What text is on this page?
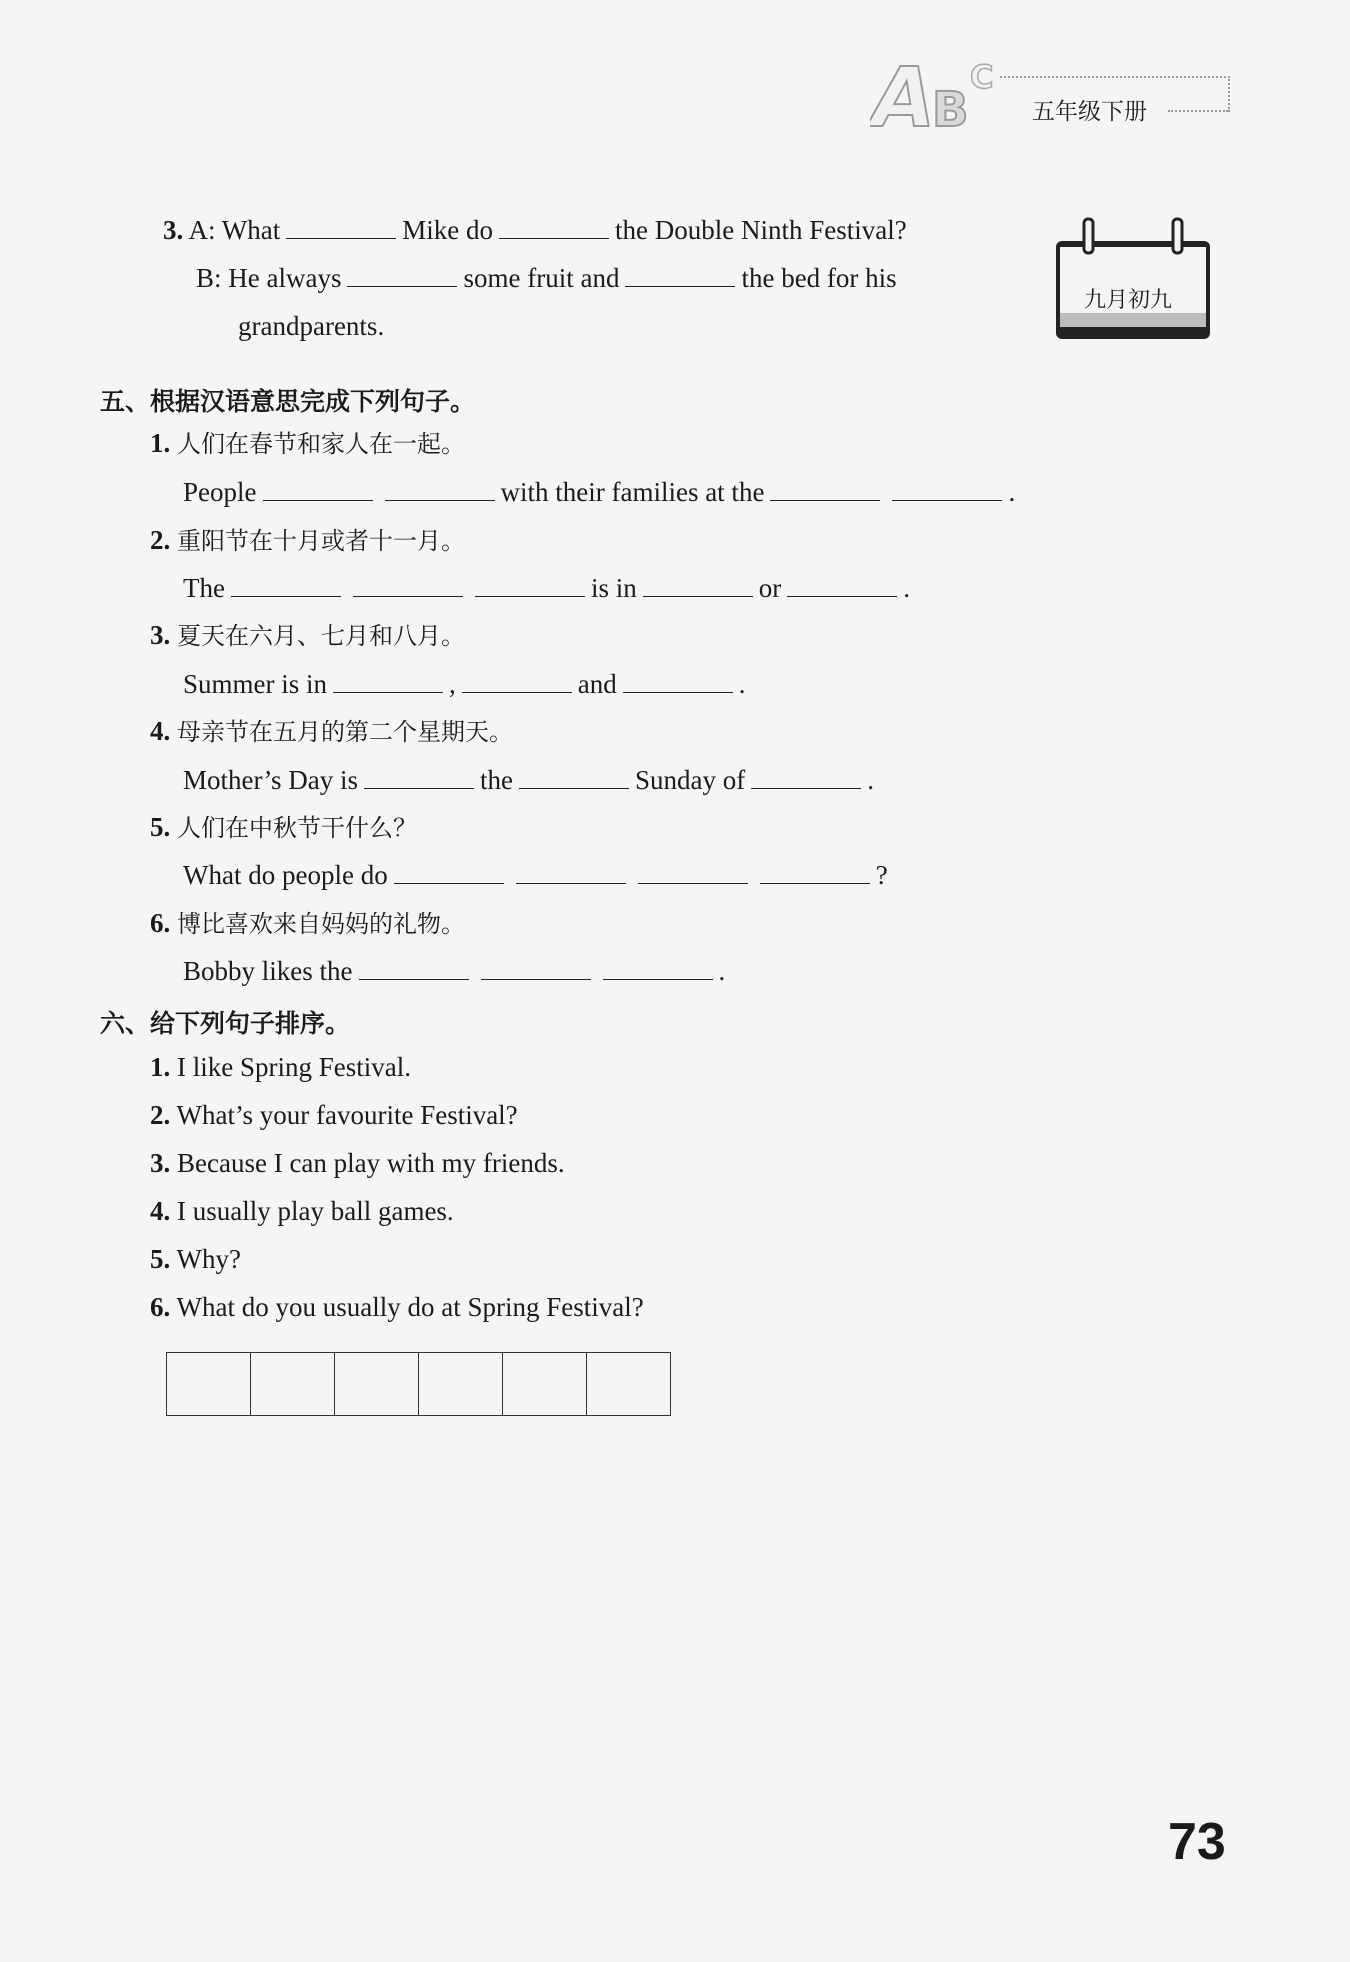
A
B
C
五年级下册
3. A: What	Mike do	the Double Ninth Festival?
B: He always	some fruit and	the bed for his
grandparents.
九月初九
五、根据汉语意思完成下列句子。
1. 人们在春节和家人在一起。
People	with their families at the	.
2. 重阳节在十月或者十一月。
The	is in	or	.
3. 夏天在六月、七月和八月。
Summer is in	,	and	.
4. 母亲节在五月的第二个星期天。
Mother’s Day is	the	Sunday of	.
5. 人们在中秋节干什么？
What do people do	?
6. 博比喜欢来自妈妈的礼物。
Bobby likes the	.
六、给下列句子排序。
1. I like Spring Festival.
2. What’s your favourite Festival?
3. Because I can play with my friends.
4. I usually play ball games.
5. Why?
6. What do you usually do at Spring Festival?

73
